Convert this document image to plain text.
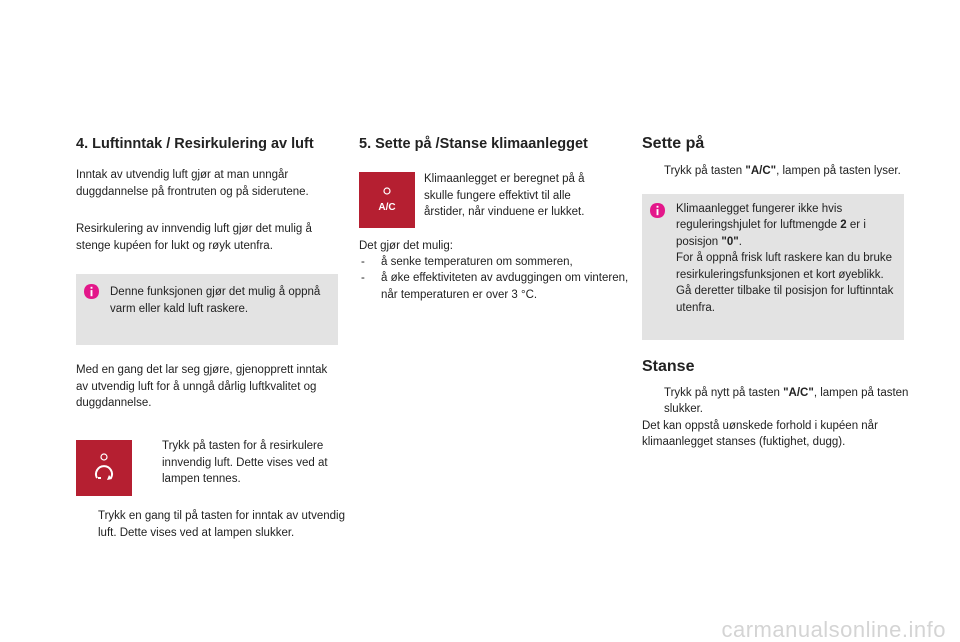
4. Luftinntak / Resirkulering av luft

Inntak av utvendig luft gjør at man unngår duggdannelse på frontruten og på siderutene.

Resirkulering av innvendig luft gjør det mulig å stenge kupéen for lukt og røyk utenfra.

Denne funksjonen gjør det mulig å oppnå varm eller kald luft raskere.

Med en gang det lar seg gjøre, gjenopprett inntak av utvendig luft for å unngå dårlig luftkvalitet og duggdannelse.

Trykk på tasten for å resirkulere innvendig luft. Dette vises ved at lampen tennes.
Trykk en gang til på tasten for inntak av utvendig luft. Dette vises ved at lampen slukker.
5. Sette på /Stanse klimaanlegget
A/C

Klimaanlegget er beregnet på å skulle fungere effektivt til alle årstider, når vinduene er lukket.

Det gjør det mulig:

- å senke temperaturen om sommeren,
- å øke effektiviteten av avduggingen om vinteren, når temperaturen er over 3 °C.
Sette på
Trykk på tasten "A/C", lampen på tasten lyser.

Klimaanlegget fungerer ikke hvis reguleringshjulet for luftmengde 2 er i posisjon "0".

For å oppnå frisk luft raskere kan du bruke resirkuleringsfunksjonen et kort øyeblikk. Gå deretter tilbake til posisjon for luftinntak utenfra.

Stanse
Trykk på nytt på tasten "A/C", lampen på tasten slukker.

Det kan oppstå uønskede forhold i kupéen når klimaanlegget stanses (fuktighet, dugg).

carmanualsonline.info
